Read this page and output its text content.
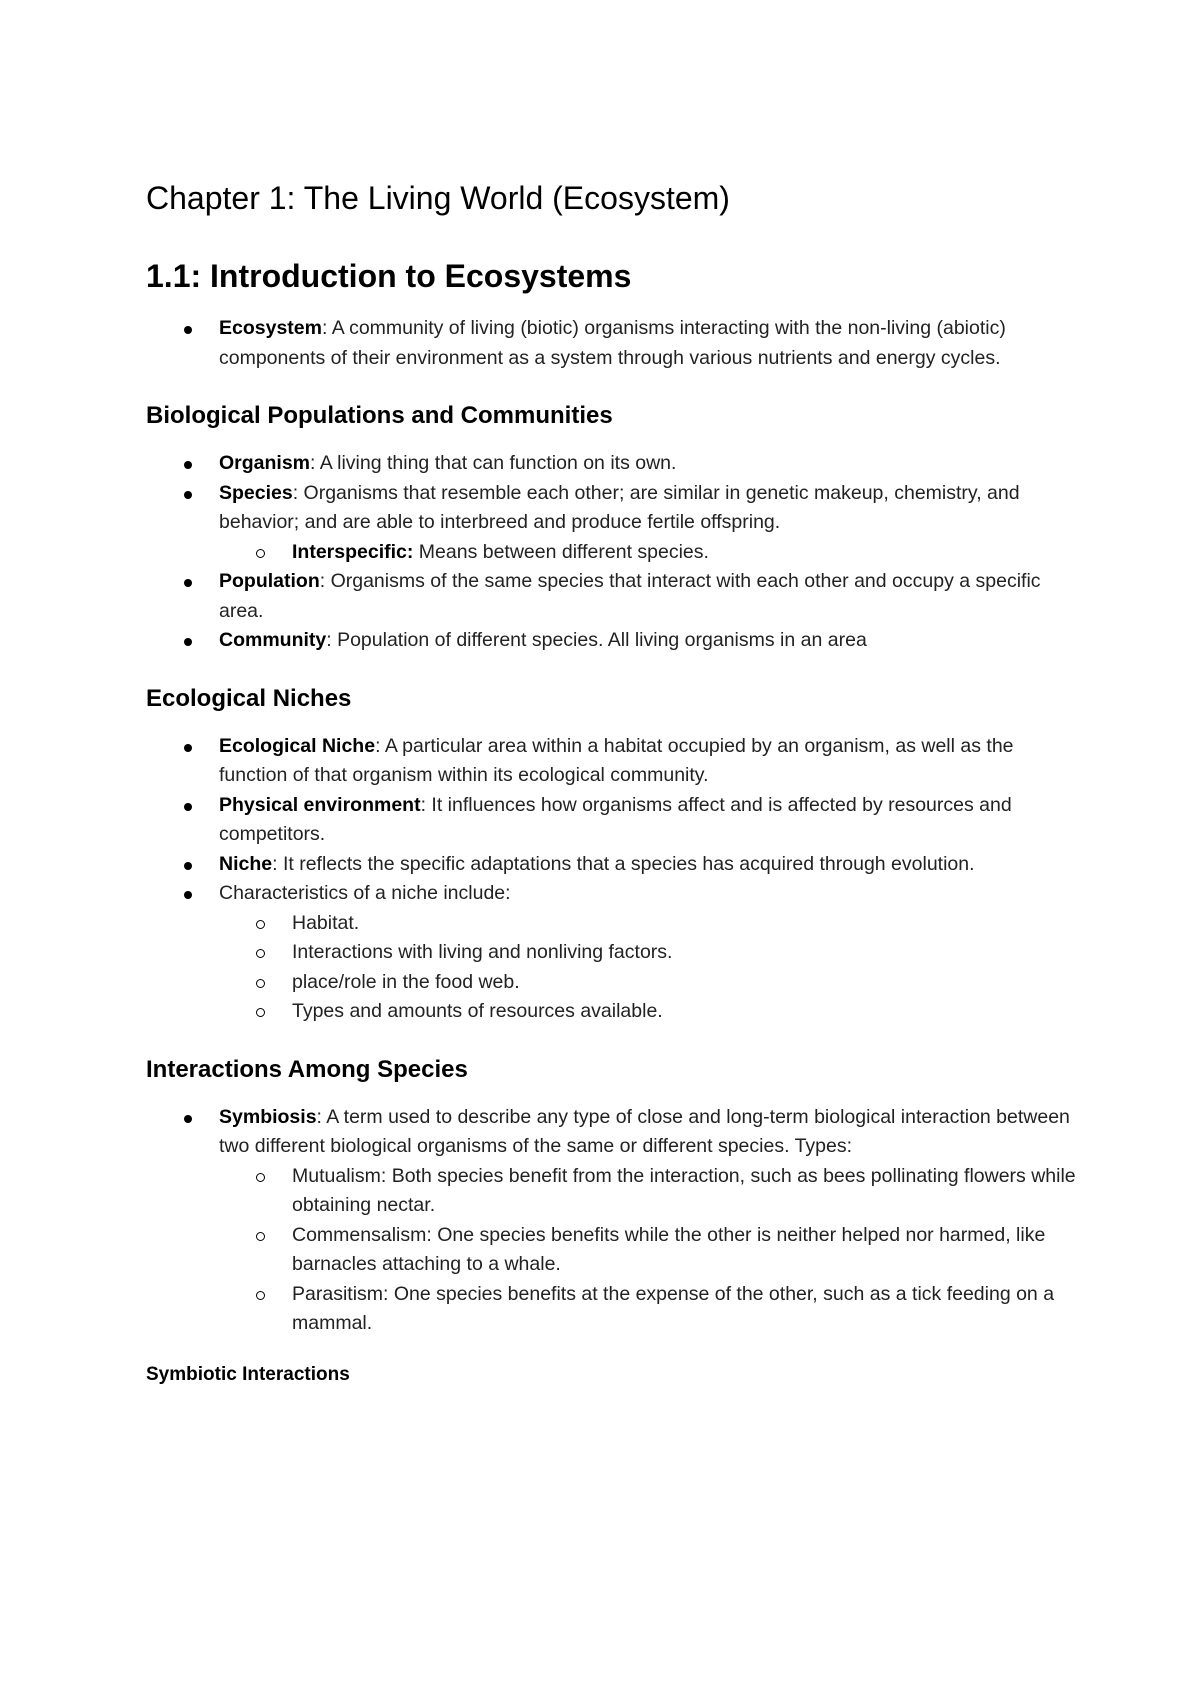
Chapter 1: The Living World (Ecosystem)
1.1: Introduction to Ecosystems
Ecosystem: A community of living (biotic) organisms interacting with the non-living (abiotic) components of their environment as a system through various nutrients and energy cycles.
Biological Populations and Communities
Organism: A living thing that can function on its own.
Species: Organisms that resemble each other; are similar in genetic makeup, chemistry, and behavior; and are able to interbreed and produce fertile offspring.
Interspecific: Means between different species.
Population: Organisms of the same species that interact with each other and occupy a specific area.
Community: Population of different species. All living organisms in an area
Ecological Niches
Ecological Niche: A particular area within a habitat occupied by an organism, as well as the function of that organism within its ecological community.
Physical environment: It influences how organisms affect and is affected by resources and competitors.
Niche: It reflects the specific adaptations that a species has acquired through evolution.
Characteristics of a niche include:
Habitat.
Interactions with living and nonliving factors.
place/role in the food web.
Types and amounts of resources available.
Interactions Among Species
Symbiosis: A term used to describe any type of close and long-term biological interaction between two different biological organisms of the same or different species. Types:
Mutualism: Both species benefit from the interaction, such as bees pollinating flowers while obtaining nectar.
Commensalism: One species benefits while the other is neither helped nor harmed, like barnacles attaching to a whale.
Parasitism: One species benefits at the expense of the other, such as a tick feeding on a mammal.
Symbiotic Interactions
